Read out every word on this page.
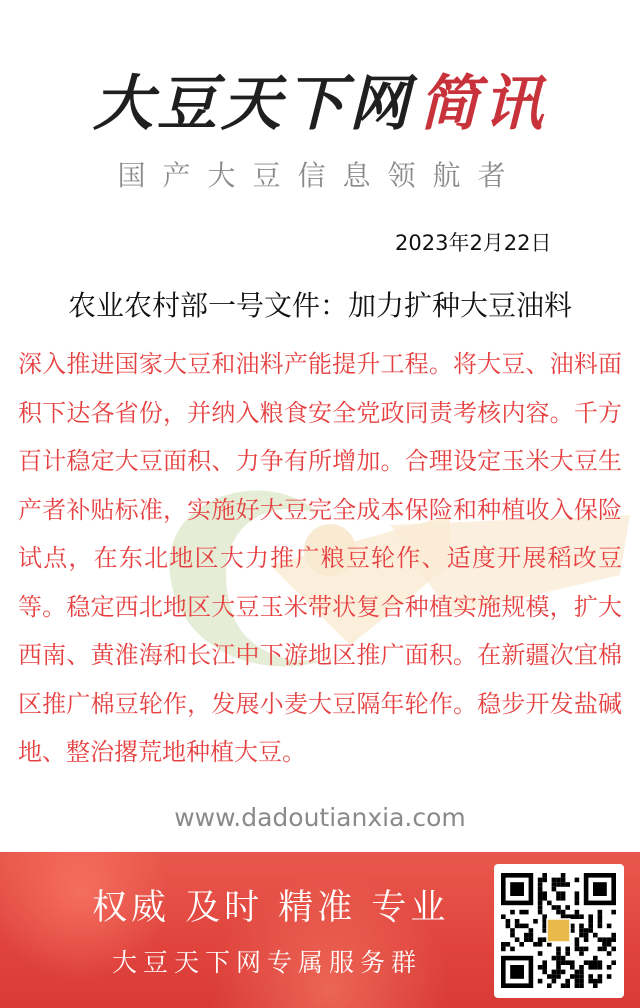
大豆天下网 简讯
国产大豆信息领航者
2023年2月22日
农业农村部一号文件：加力扩种大豆油料
深入推进国家大豆和油料产能提升工程。将大豆、油料面积下达各省份，并纳入粮食安全党政同责考核内容。千方百计稳定大豆面积、力争有所增加。合理设定玉米大豆生产者补贴标准，实施好大豆完全成本保险和种植收入保险试点，在东北地区大力推广粮豆轮作、适度开展稻改豆等。稳定西北地区大豆玉米带状复合种植实施规模，扩大西南、黄淮海和长江中下游地区推广面积。在新疆次宜棉区推广棉豆轮作，发展小麦大豆隔年轮作。稳步开发盐碱地、整治撂荒地种植大豆。
www.dadoutianxia.com
权威 及时 精准 专业
大豆天下网专属服务群
